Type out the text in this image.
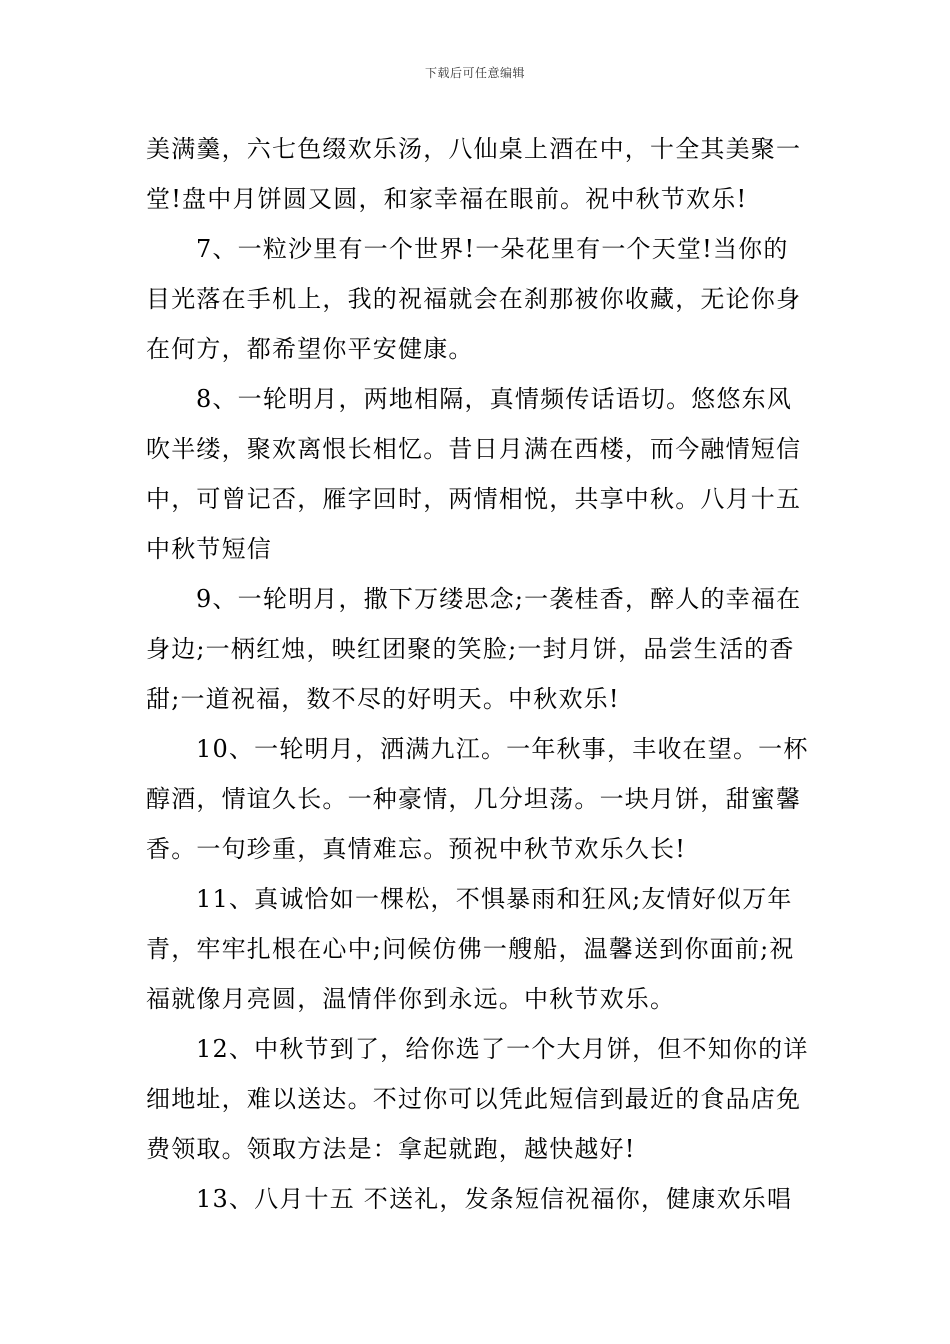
下载后可任意编辑

美满羹，六七色缀欢乐汤，八仙桌上酒在中，十全其美聚一堂!盘中月饼圆又圆，和家幸福在眼前。祝中秋节欢乐!

7、一粒沙里有一个世界!一朵花里有一个天堂!当你的目光落在手机上，我的祝福就会在刹那被你收藏，无论你身在何方，都希望你平安健康。

8、一轮明月，两地相隔，真情频传话语切。悠悠东风吹半缕，聚欢离恨长相忆。昔日月满在西楼，而今融情短信中，可曾记否，雁字回时，两情相悦，共享中秋。八月十五中秋节短信

9、一轮明月，撒下万缕思念;一袭桂香，醉人的幸福在身边;一柄红烛，映红团聚的笑脸;一封月饼，品尝生活的香甜;一道祝福，数不尽的好明天。中秋欢乐!

10、一轮明月，洒满九江。一年秋事，丰收在望。一杯醇酒，情谊久长。一种豪情，几分坦荡。一块月饼，甜蜜馨香。一句珍重，真情难忘。预祝中秋节欢乐久长!

11、真诚恰如一棵松，不惧暴雨和狂风;友情好似万年青，牢牢扎根在心中;问候仿佛一艘船，温馨送到你面前;祝福就像月亮圆，温情伴你到永远。中秋节欢乐。

12、中秋节到了，给你选了一个大月饼，但不知你的详细地址，难以送达。不过你可以凭此短信到最近的食品店免费领取。领取方法是：拿起就跑，越快越好!

13、八月十五 不送礼，发条短信祝福你，健康欢乐唱
